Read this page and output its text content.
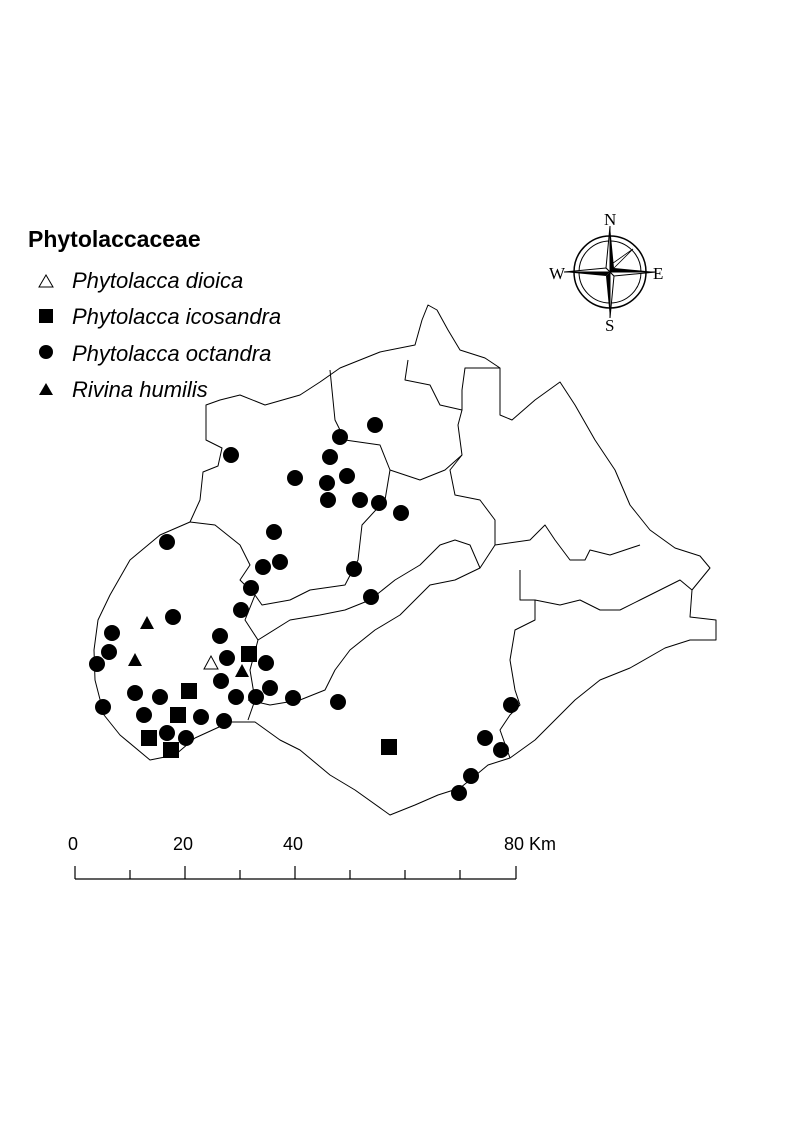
Phytolaccaceae
Phytolacca dioica
Phytolacca icosandra
Phytolacca octandra
Rivina humilis
N
S
E
W
0	20	40	80 Km
